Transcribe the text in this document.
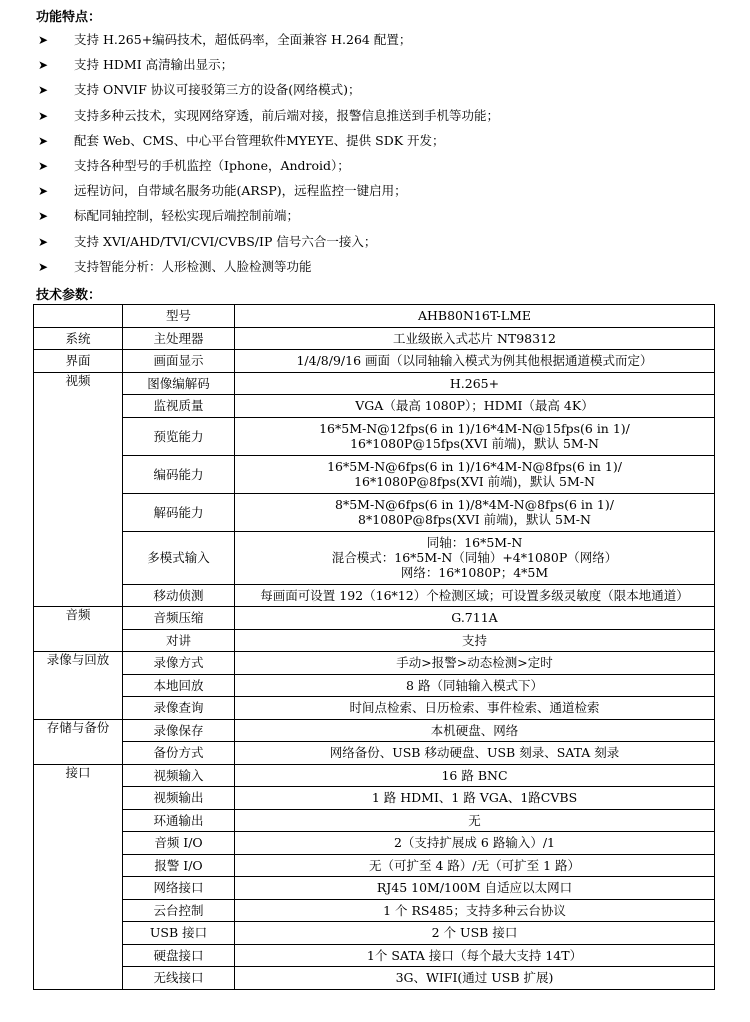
功能特点：
➤ 支持 H.265+编码技术，超低码率，全面兼容 H.264 配置；
➤ 支持 HDMI 高清输出显示；
➤ 支持 ONVIF 协议可接驳第三方的设备(网络模式)；
➤ 支持多种云技术，实现网络穿透，前后端对接，报警信息推送到手机等功能；
➤ 配套 Web、CMS、中心平台管理软件MYEYE、提供 SDK 开发；
➤ 支持各种型号的手机监控（Iphone，Android）；
➤ 远程访问，自带域名服务功能(ARSP)，远程监控一键启用；
➤ 标配同轴控制，轻松实现后端控制前端；
➤ 支持 XVI/AHD/TVI/CVI/CVBS/IP 信号六合一接入；
➤ 支持智能分析：人形检测、人脸检测等功能
技术参数：
	型号	AHB80N16T-LME
系统	主处理器	工业级嵌入式芯片 NT98312

界面	画面显示	1/4/8/9/16 画面（以同轴输入模式为例其他根据通道模式而定）

视频	图像编解码	H.265+

	监视质量	VGA（最高 1080P）；HDMI（最高 4K）

	预览能力	16*5M-N@12fps(6 in 1)/16*4M-N@15fps(6 in 1)/
16*1080P@15fps(XVI 前端)，默认 5M-N

	编码能力	16*5M-N@6fps(6 in 1)/16*4M-N@8fps(6 in 1)/
16*1080P@8fps(XVI 前端)，默认 5M-N

	解码能力	8*5M-N@6fps(6 in 1)/8*4M-N@8fps(6 in 1)/
8*1080P@8fps(XVI 前端)，默认 5M-N

	多模式输入	同轴：16*5M-N
混合模式：16*5M-N（同轴）+4*1080P（网络）
网络：16*1080P；4*5M

	移动侦测	每画面可设置 192（16*12）个检测区域；可设置多级灵敏度（限本地通道）

音频	音频压缩	G.711A

	对讲	支持

录像与回放	录像方式	手动>报警>动态检测>定时

	本地回放	8 路（同轴输入模式下）

	录像查询	时间点检索、日历检索、事件检索、通道检索

存储与备份	录像保存	本机硬盘、网络

	备份方式	网络备份、USB 移动硬盘、USB 刻录、SATA 刻录

接口	视频输入	16 路 BNC

	视频输出	1 路 HDMI、1 路 VGA、1路CVBS

	环通输出	无

	音频 I/O	2（支持扩展成 6 路输入）/1

	报警 I/O	无（可扩至 4 路）/无（可扩至 1 路）

	网络接口	RJ45 10M/100M 自适应以太网口

	云台控制	1 个 RS485；支持多种云台协议

	USB 接口	2 个 USB 接口

	硬盘接口	1个 SATA 接口（每个最大支持 14T）

	无线接口	3G、WIFI(通过 USB 扩展)
